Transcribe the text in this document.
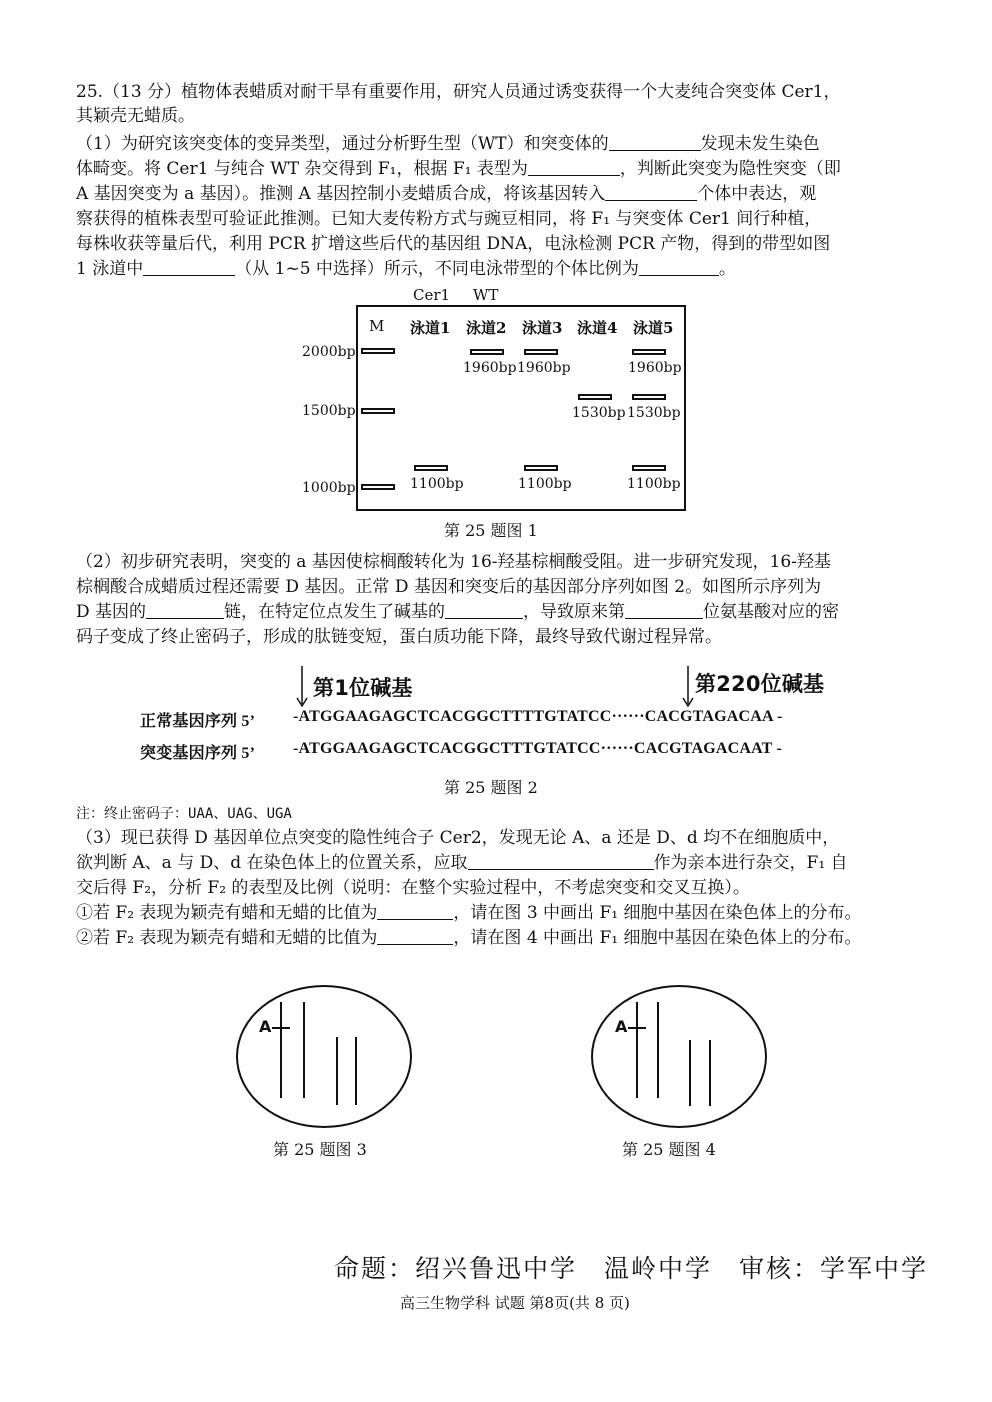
25.（13 分）植物体表蜡质对耐干旱有重要作用，研究人员通过诱变获得一个大麦纯合突变体 Cer1，
其颖壳无蜡质。
（1）为研究该突变体的变异类型，通过分析野生型（WT）和突变体的	发现未发生染色
体畸变。将 Cer1 与纯合 WT 杂交得到 F₁，根据 F₁ 表型为	，判断此突变为隐性突变（即
A 基因突变为 a 基因）。推测 A 基因控制小麦蜡质合成，将该基因转入	个体中表达，观
察获得的植株表型可验证此推测。已知大麦传粉方式与豌豆相同，将 F₁ 与突变体 Cer1 间行种植，
每株收获等量后代，利用 PCR 扩增这些后代的基因组 DNA，电泳检测 PCR 产物，得到的带型如图
1 泳道中	（从 1~5 中选择）所示，不同电泳带型的个体比例为	。
Cer1 WT
M 泳道1 泳道2 泳道3 泳道4 泳道5
2000bp
1500bp
1000bp	1100bp
1960bp 1960bp
1100bp
1530bp
1960bp
1530bp
1100bp
第 25 题图 1
（2）初步研究表明，突变的 a 基因使棕榈酸转化为 16-羟基棕榈酸受阻。进一步研究发现，16-羟基
棕榈酸合成蜡质过程还需要 D 基因。正常 D 基因和突变后的基因部分序列如图 2。如图所示序列为
D 基因的	链，在特定位点发生了碱基的	，导致原来第	位氨基酸对应的密
码子变成了终止密码子，形成的肽链变短，蛋白质功能下降，最终导致代谢过程异常。
第1位碱基	第220位碱基
正常基因序列 5’ -ATGGAAGAGCTCACGGCTTTTGTATCC······CACGTAGACAA -
突变基因序列 5’ -ATGGAAGAGCTCACGGCTTTGTATCC······CACGTAGACAAT -
第 25 题图 2
注：终止密码子：UAA、UAG、UGA
（3）现已获得 D 基因单位点突变的隐性纯合子 Cer2，发现无论 A、a 还是 D、d 均不在细胞质中，
欲判断 A、a 与 D、d 在染色体上的位置关系，应取	作为亲本进行杂交，F₁ 自
交后得 F₂，分析 F₂ 的表型及比例（说明：在整个实验过程中，不考虑突变和交叉互换）。
①若 F₂ 表现为颖壳有蜡和无蜡的比值为	，请在图 3 中画出 F₁ 细胞中基因在染色体上的分布。
②若 F₂ 表现为颖壳有蜡和无蜡的比值为	，请在图 4 中画出 F₁ 细胞中基因在染色体上的分布。
A
第 25 题图 3
A
第 25 题图 4
命题：绍兴鲁迅中学　温岭中学　审核：学军中学
高三生物学科 试题 第8页(共 8 页)
